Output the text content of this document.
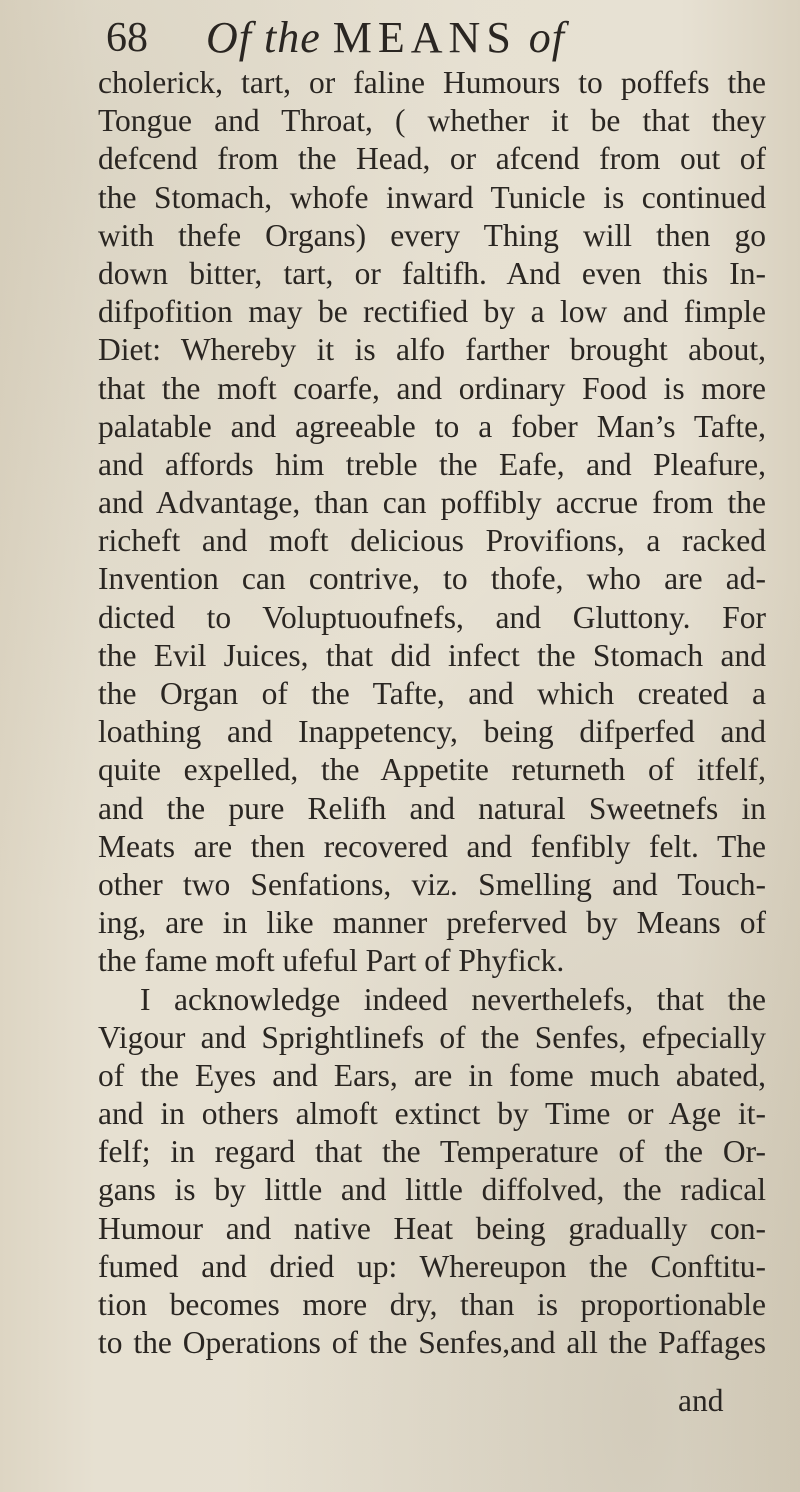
68 Of the MEANS of
cholerick, tart, or faline Humours to poffefs the
Tongue and Throat, ( whether it be that they
defcend from the Head, or afcend from out of
the Stomach, whofe inward Tunicle is continued
with thefe Organs) every Thing will then go
down bitter, tart, or faltifh. And even this In-
difpofition may be rectified by a low and fimple
Diet: Whereby it is alfo farther brought about,
that the moft coarfe, and ordinary Food is more
palatable and agreeable to a fober Man’s Tafte,
and affords him treble the Eafe, and Pleafure,
and Advantage, than can poffibly accrue from the
richeft and moft delicious Provifions, a racked
Invention can contrive, to thofe, who are ad-
dicted to Voluptuoufnefs, and Gluttony. For
the Evil Juices, that did infect the Stomach and
the Organ of the Tafte, and which created a
loathing and Inappetency, being difperfed and
quite expelled, the Appetite returneth of itfelf,
and the pure Relifh and natural Sweetnefs in
Meats are then recovered and fenfibly felt. The
other two Senfations, viz. Smelling and Touch-
ing, are in like manner preferved by Means of
the fame moft ufeful Part of Phyfick.
I acknowledge indeed neverthelefs, that the
Vigour and Sprightlinefs of the Senfes, efpecially
of the Eyes and Ears, are in fome much abated,
and in others almoft extinct by Time or Age it-
felf; in regard that the Temperature of the Or-
gans is by little and little diffolved, the radical
Humour and native Heat being gradually con-
fumed and dried up: Whereupon the Conftitu-
tion becomes more dry, than is proportionable
to the Operations of the Senfes,and all the Paffages
and
